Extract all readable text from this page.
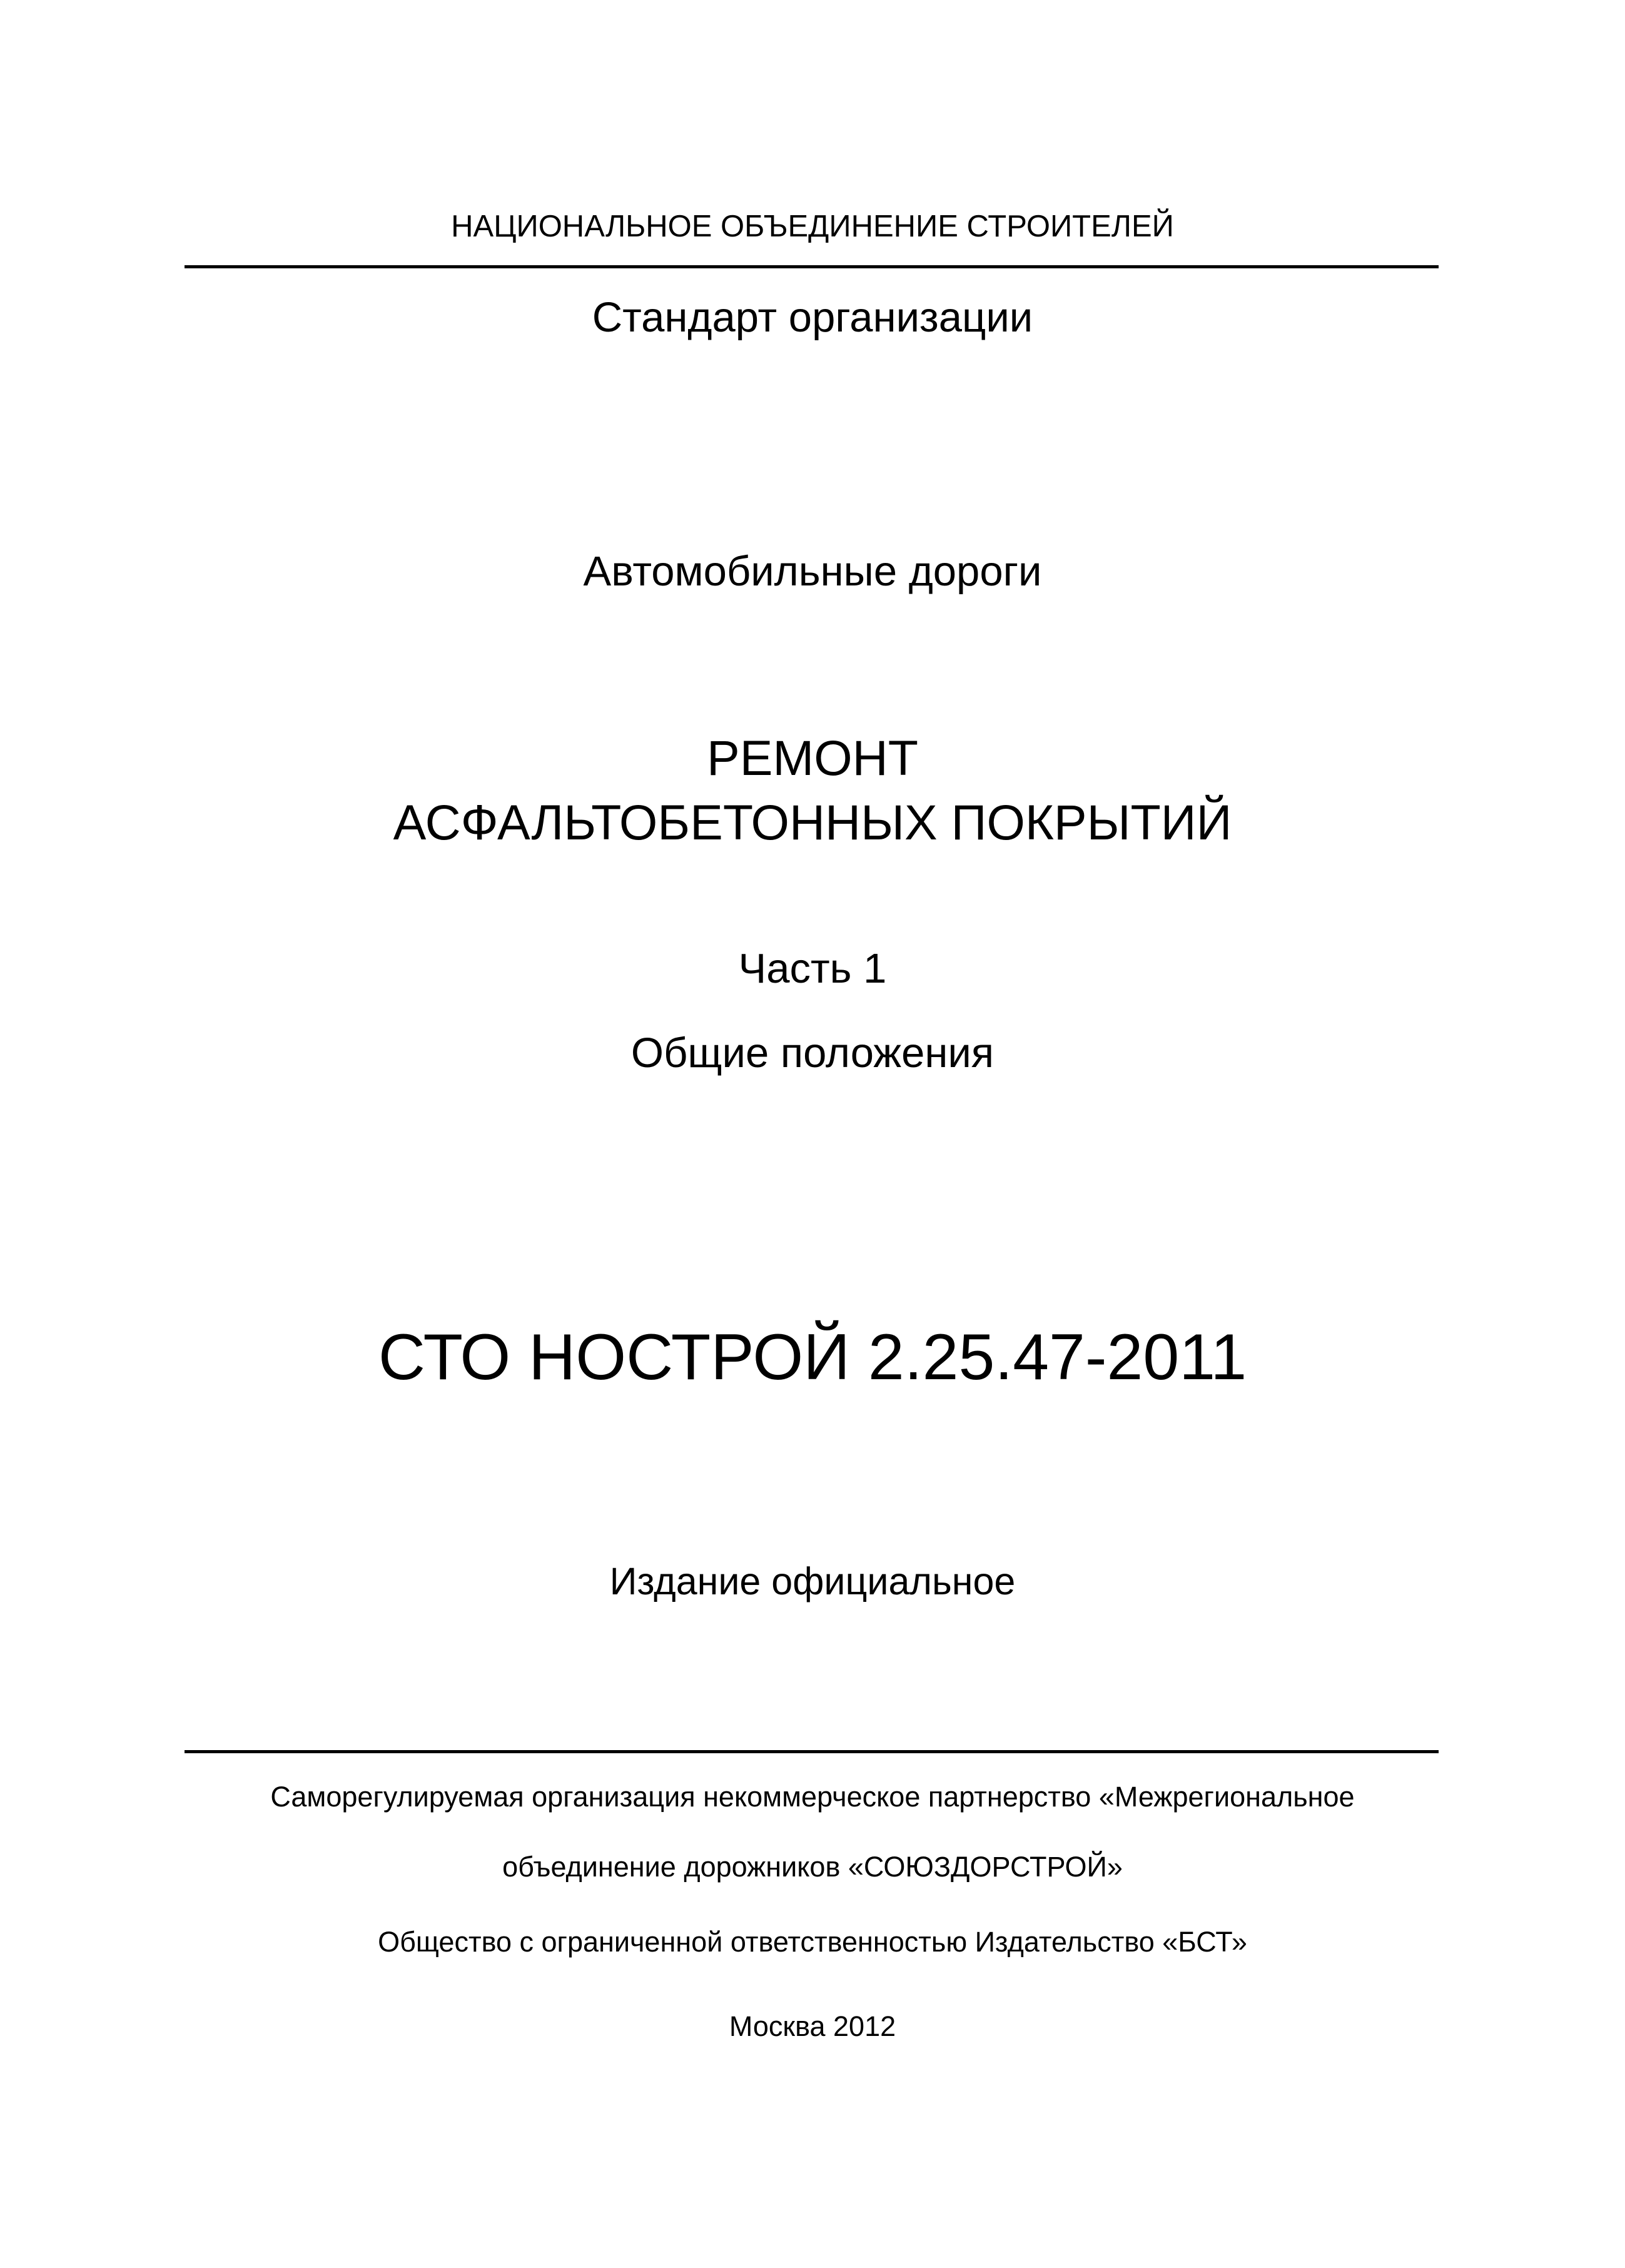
НАЦИОНАЛЬНОЕ ОБЪЕДИНЕНИЕ СТРОИТЕЛЕЙ
Стандарт организации
Автомобильные дороги
РЕМОНТ
АСФАЛЬТОБЕТОННЫХ ПОКРЫТИЙ
Часть 1
Общие положения
СТО НОСТРОЙ 2.25.47-2011
Издание официальное
Саморегулируемая организация некоммерческое партнерство «Межрегиональное
объединение дорожников «СОЮЗДОРСТРОЙ»
Общество с ограниченной ответственностью Издательство «БСТ»
Москва 2012
